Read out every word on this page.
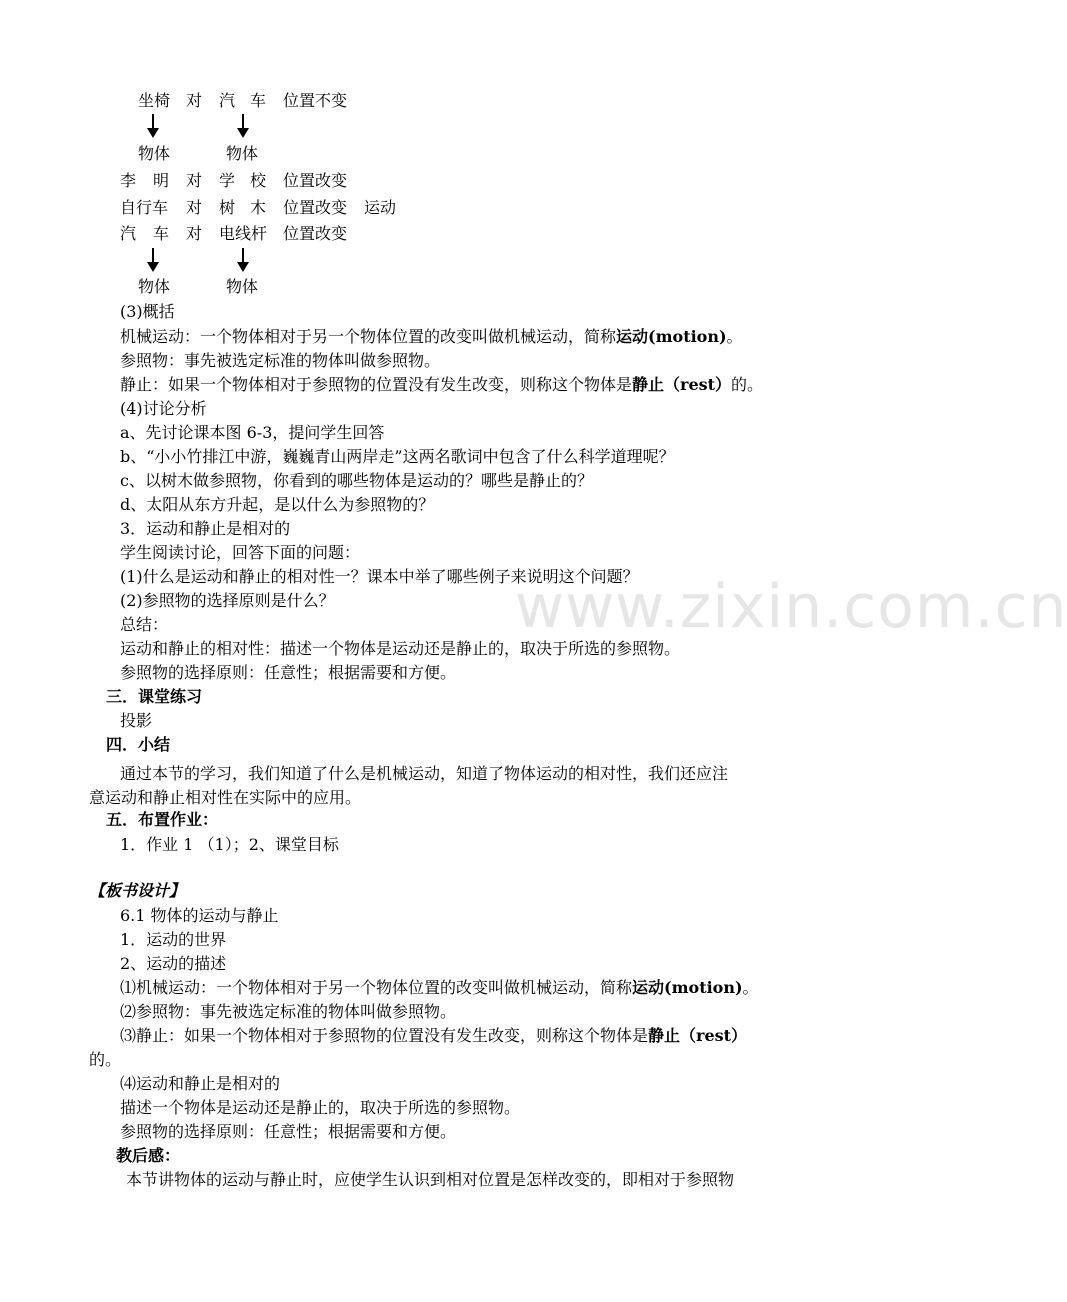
www.zixin.com.cn
坐椅 对 汽 车 位置不变
物体	物体
李 明 对 学 校 位置改变
自行车 对 树 木 位置改变 运动
汽 车 对 电线杆 位置改变
物体	物体
(3)概括
机械运动：一个物体相对于另一个物体位置的改变叫做机械运动，简称运动(motion)。
参照物：事先被选定标准的物体叫做参照物。
静止：如果一个物体相对于参照物的位置没有发生改变，则称这个物体是静止（rest）的。
(4)讨论分析
a、先讨论课本图 6-3，提问学生回答
b、“小小竹排江中游，巍巍青山两岸走”这两名歌词中包含了什么科学道理呢？
c、以树木做参照物，你看到的哪些物体是运动的？哪些是静止的？
d、太阳从东方升起，是以什么为参照物的？
3．运动和静止是相对的
学生阅读讨论，回答下面的问题：
(1)什么是运动和静止的相对性一？课本中举了哪些例子来说明这个问题？
(2)参照物的选择原则是什么？
总结：
运动和静止的相对性：描述一个物体是运动还是静止的，取决于所选的参照物。
参照物的选择原则：任意性；根据需要和方便。
三．课堂练习
投影
四．小结
通过本节的学习，我们知道了什么是机械运动，知道了物体运动的相对性，我们还应注
意运动和静止相对性在实际中的应用。
五．布置作业：
1．作业 1 （1）；2、课堂目标
【板书设计】
6.1 物体的运动与静止
1．运动的世界
2、运动的描述
⑴机械运动：一个物体相对于另一个物体位置的改变叫做机械运动，简称运动(motion)。
⑵参照物：事先被选定标准的物体叫做参照物。
⑶静止：如果一个物体相对于参照物的位置没有发生改变，则称这个物体是静止（rest）
的。
⑷运动和静止是相对的
描述一个物体是运动还是静止的，取决于所选的参照物。
参照物的选择原则：任意性；根据需要和方便。
教后感：
本节讲物体的运动与静止时，应使学生认识到相对位置是怎样改变的，即相对于参照物
